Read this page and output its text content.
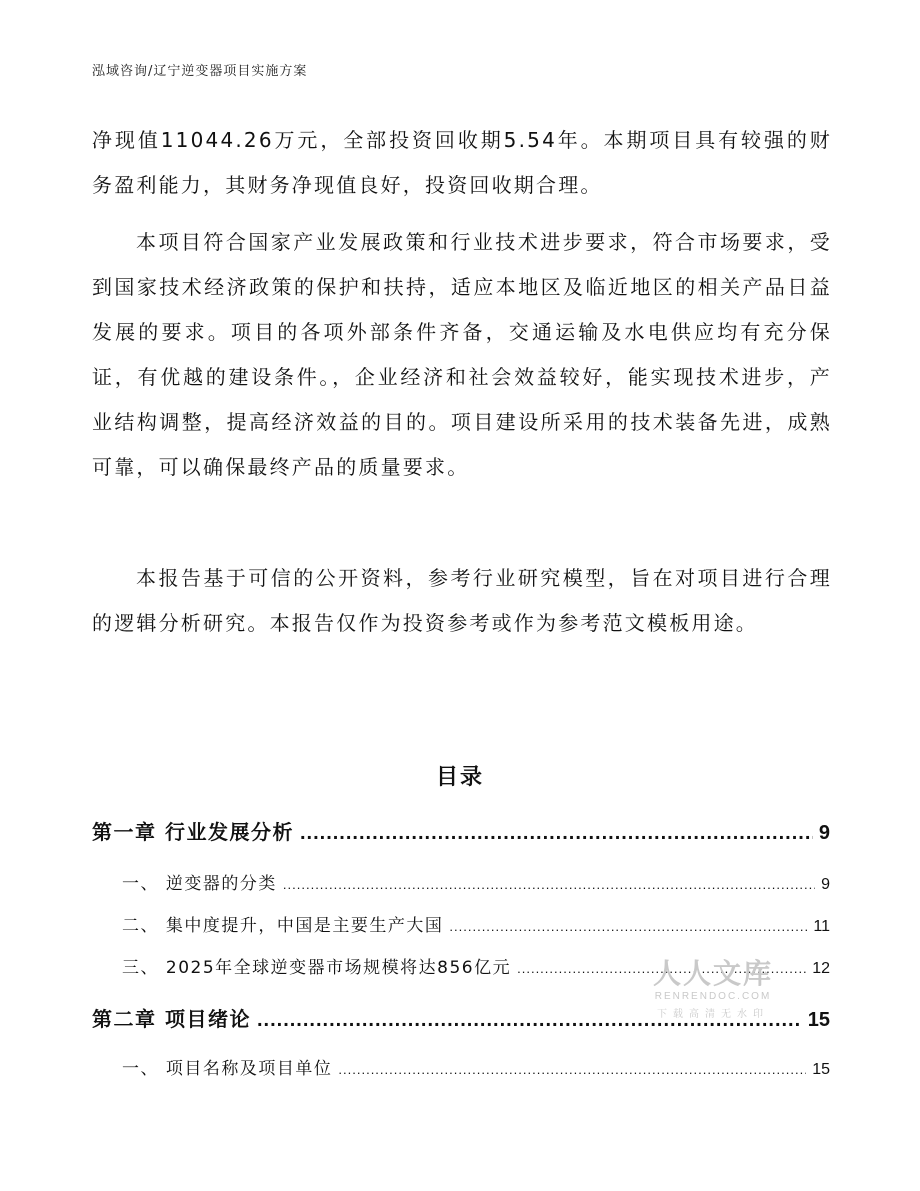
泓域咨询/辽宁逆变器项目实施方案

净现值11044.26万元，全部投资回收期5.54年。本期项目具有较强的财务盈利能力，其财务净现值良好，投资回收期合理。

本项目符合国家产业发展政策和行业技术进步要求，符合市场要求，受到国家技术经济政策的保护和扶持，适应本地区及临近地区的相关产品日益发展的要求。项目的各项外部条件齐备，交通运输及水电供应均有充分保证，有优越的建设条件。，企业经济和社会效益较好，能实现技术进步，产业结构调整，提高经济效益的目的。项目建设所采用的技术装备先进，成熟可靠，可以确保最终产品的质量要求。

本报告基于可信的公开资料，参考行业研究模型，旨在对项目进行合理的逻辑分析研究。本报告仅作为投资参考或作为参考范文模板用途。

目录
第一章 行业发展分析 .....	9
一、 逆变器的分类 .....	9
二、 集中度提升，中国是主要生产大国 .....	11
三、 2025年全球逆变器市场规模将达856亿元 .....	12
第二章 项目绪论 .....	15
一、 项目名称及项目单位 .....	15
人人文库
RENRENDOC.COM
下载高清无水印
